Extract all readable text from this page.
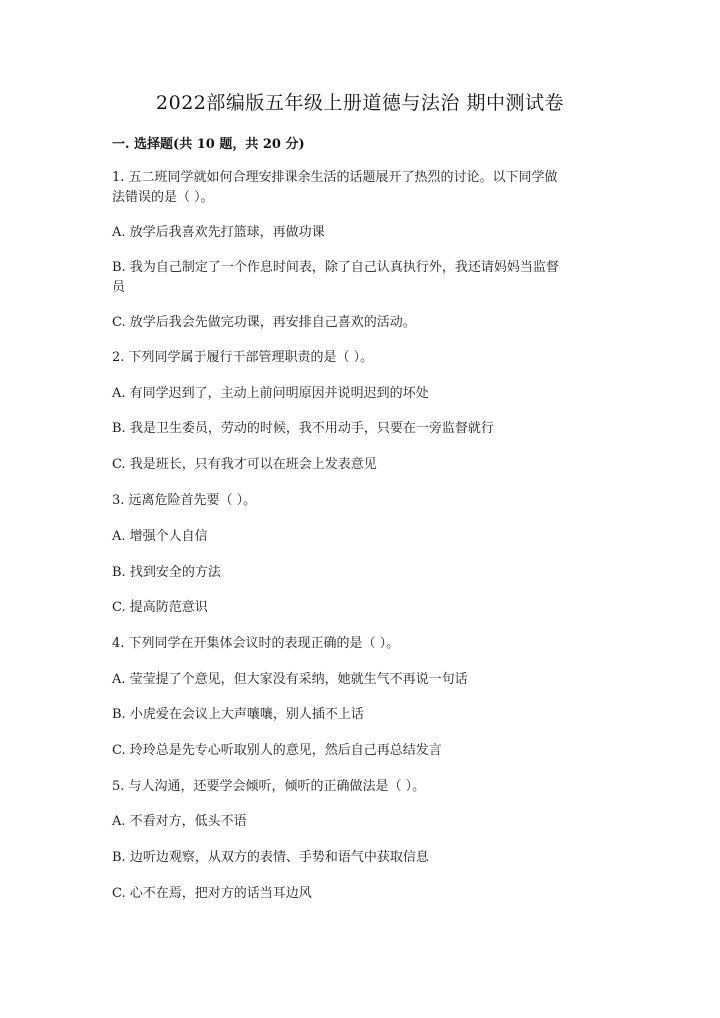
2022部编版五年级上册道德与法治 期中测试卷
一. 选择题(共 10 题，共 20 分)
1. 五二班同学就如何合理安排课余生活的话题展开了热烈的讨论。以下同学做
法错误的是（ ）。
A. 放学后我喜欢先打篮球，再做功课
B. 我为自己制定了一个作息时间表，除了自己认真执行外，我还请妈妈当监督
员
C. 放学后我会先做完功课，再安排自己喜欢的活动。
2. 下列同学属于履行干部管理职责的是（ ）。
A. 有同学迟到了，主动上前问明原因并说明迟到的坏处
B. 我是卫生委员，劳动的时候，我不用动手，只要在一旁监督就行
C. 我是班长，只有我才可以在班会上发表意见
3. 远离危险首先要（ ）。
A. 增强个人自信
B. 找到安全的方法
C. 提高防范意识
4. 下列同学在开集体会议时的表现正确的是（ ）。
A. 莹莹提了个意见，但大家没有采纳，她就生气不再说一句话
B. 小虎爱在会议上大声嚷嚷，别人插不上话
C. 玲玲总是先专心听取别人的意见，然后自己再总结发言
5. 与人沟通，还要学会倾听，倾听的正确做法是（ ）。
A. 不看对方，低头不语
B. 边听边观察，从双方的表情、手势和语气中获取信息
C. 心不在焉，把对方的话当耳边风
